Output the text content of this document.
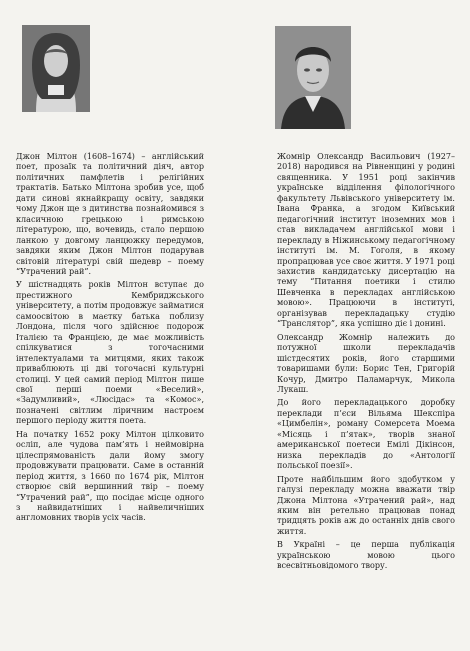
Джон Мілтон (1608–1674) – англійський поет, прозаїк та політичний діяч, автор політичних памфлетів і релігійних трактатів. Батько Мілтона зробив усе, щоб дати синові якнайкращу освіту, завдяки чому Джон ще з дитинства познайомився з класичною грецькою і римською літературою, що, вочевидь, стало першою ланкою у довгому ланцюжку передумов, завдяки яким Джон Мілтон подарував світовій літературі свій шедевр – поему “Утрачений рай”.

У шістнадцять років Мілтон вступає до престижного Кембриджського університету, а потім продовжує займатися самоосвітою в маєтку батька поблизу Лондона, після чого здійснює подорож Італією та Францією, де має можливість спілкуватися з тогочасними інтелектуалами та митцями, яких також приваблюють ці дві тогочасні культурні столиці. У цей самий період Мілтон пише свої перші поеми «Веселий», «Задумливий», «Люсідас» та «Комос», позначені світлим ліричним настроєм першого періоду життя поета.

На початку 1652 року Мілтон цілковито осліп, але чудова пам’ять і неймовірна цілеспрямованість дали йому змогу продовжувати працювати. Саме в останній період життя, з 1660 по 1674 рік, Мілтон створює свій вершинний твір – поему “Утрачений рай”, що посідає місце одного з найвидатніших і найвеличніших англомовних творів усіх часів.

Жомнір Олександр Васильович (1927–2018) народився на Рівненщині у родині священника. У 1951 році закінчив українське відділення філологічного факультету Львівського університету ім. Івана Франка, а згодом Київський педагогічний інститут іноземних мов і став викладачем англійської мови і перекладу в Ніжинському педагогічному інституті ім. М. Гоголя, в якому пропрацював усе своє життя. У 1971 році захистив кандидатську дисертацію на тему “Питання поетики і стилю Шевченка в перекладах англійською мовою». Працюючи в інституті, організував перекладацьку студію “Транслятор”, яка успішно діє і донині.

Олександр Жомнір належить до потужної школи перекладачів шістдесятих років, його старшими товаришами були: Борис Тен, Григорій Кочур, Дмитро Паламарчук, Микола Лукаш.

До його перекладацького доробку переклади п’єси Вільяма Шекспіра «Цимбелін», роману Сомерсета Моема «Місяць і п’ятак», творів знаної американської поетеси Емілі Дікінсон, низка перекладів до «Антології польської поезії».

Проте найбільшим його здобутком у галузі перекладу можна вважати твір Джона Мілтона «Утрачений рай», над яким він ретельно працював понад тридцять років аж до останніх днів свого життя.

В Україні – це перша публікація українською мовою цього всесвітньовідомого твору.
